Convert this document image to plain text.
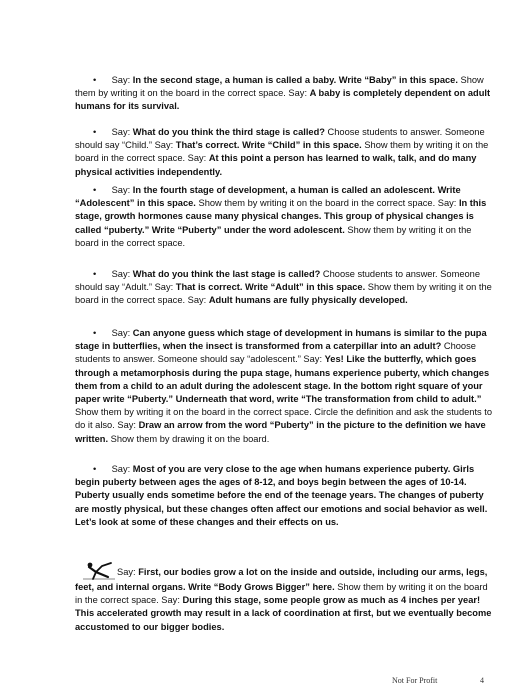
• Say: In the second stage, a human is called a baby. Write “Baby” in this space. Show them by writing it on the board in the correct space. Say: A baby is completely dependent on adult humans for its survival.

• Say: What do you think the third stage is called? Choose students to answer. Someone should say “Child.” Say: That’s correct. Write “Child” in this space. Show them by writing it on the board in the correct space. Say: At this point a person has learned to walk, talk, and do many physical activities independently.

• Say: In the fourth stage of development, a human is called an adolescent. Write “Adolescent” in this space. Show them by writing it on the board in the correct space. Say: In this stage, growth hormones cause many physical changes. This group of physical changes is called “puberty.” Write “Puberty” under the word adolescent. Show them by writing it on the board in the correct space.

• Say: What do you think the last stage is called? Choose students to answer. Someone should say “Adult.” Say: That is correct. Write “Adult” in this space. Show them by writing it on the board in the correct space. Say: Adult humans are fully physically developed.

• Say: Can anyone guess which stage of development in humans is similar to the pupa stage in butterflies, when the insect is transformed from a caterpillar into an adult? Choose students to answer. Someone should say “adolescent.” Say: Yes! Like the butterfly, which goes through a metamorphosis during the pupa stage, humans experience puberty, which changes them from a child to an adult during the adolescent stage. In the bottom right square of your paper write “Puberty.” Underneath that word, write “The transformation from child to adult.” Show them by writing it on the board in the correct space. Circle the definition and ask the students to do it also. Say: Draw an arrow from the word “Puberty” in the picture to the definition we have written. Show them by drawing it on the board.

• Say: Most of you are very close to the age when humans experience puberty. Girls begin puberty between ages the ages of 8-12, and boys begin between the ages of 10-14. Puberty usually ends sometime before the end of the teenage years. The changes of puberty are mostly physical, but these changes often affect our emotions and social behavior as well. Let’s look at some of these changes and their effects on us.

Say: First, our bodies grow a lot on the inside and outside, including our arms, legs, feet, and internal organs. Write “Body Grows Bigger” here. Show them by writing it on the board in the correct space. Say: During this stage, some people grow as much as 4 inches per year! This accelerated growth may result in a lack of coordination at first, but we eventually become accustomed to our bigger bodies.

Not For Profit	4
